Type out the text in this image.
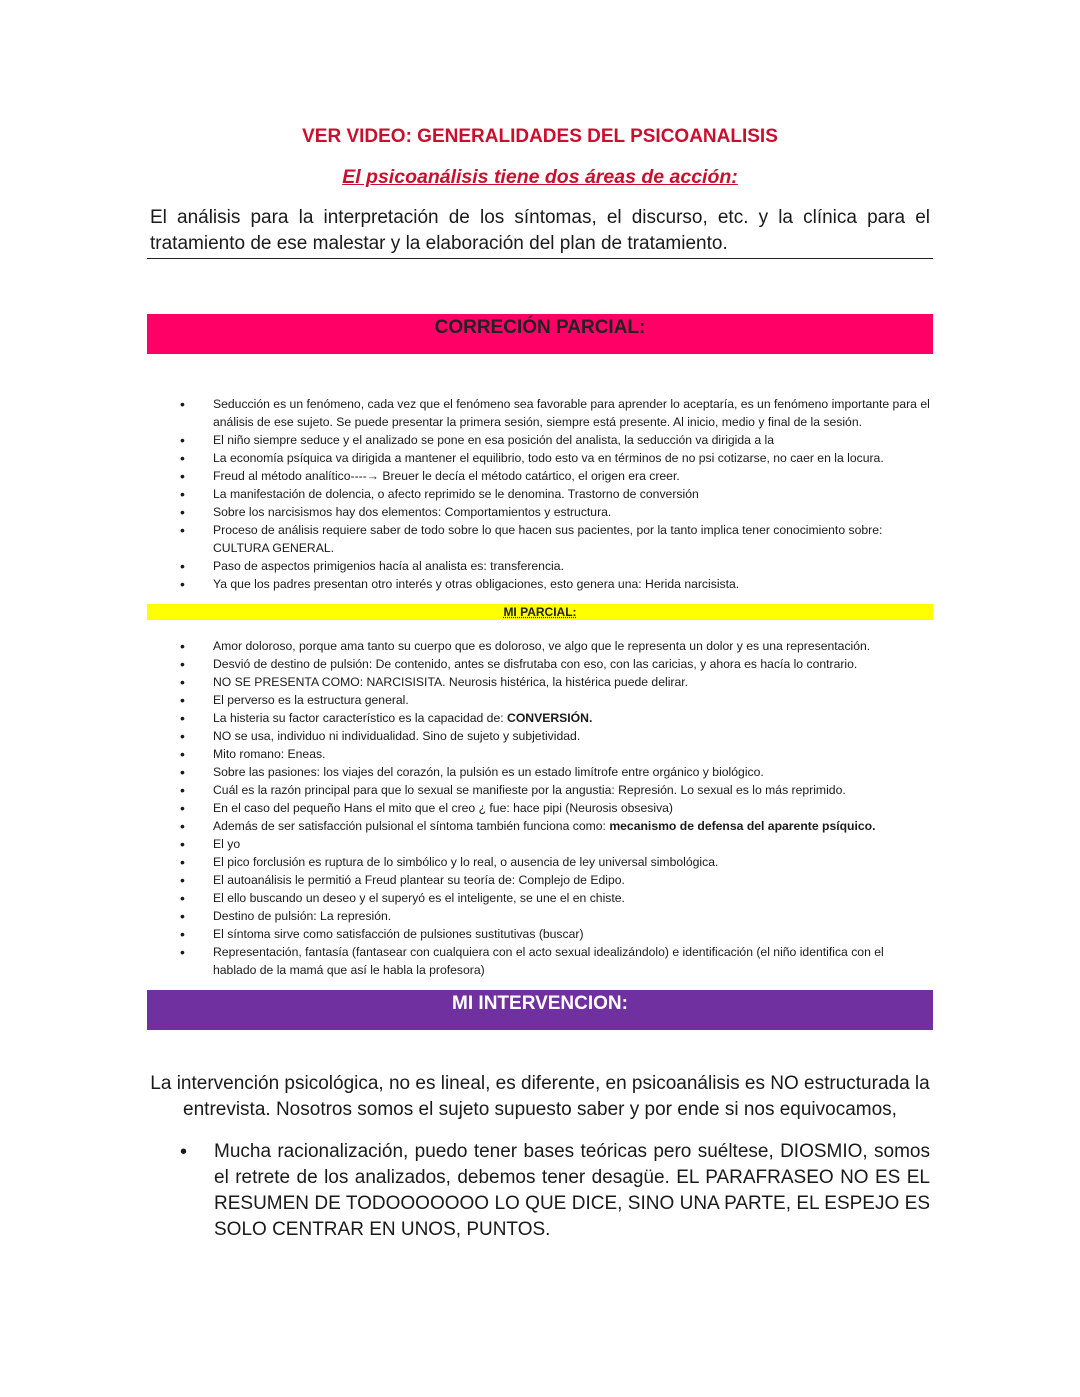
VER VIDEO: GENERALIDADES DEL PSICOANALISIS
El psicoanálisis tiene dos áreas de acción:
El análisis para la interpretación de los síntomas, el discurso, etc. y la clínica para el tratamiento de ese malestar y la elaboración del plan de tratamiento.
CORRECIÓN PARCIAL:
• Seducción es un fenómeno, cada vez que el fenómeno sea favorable para aprender lo aceptaría, es un fenómeno importante para el análisis de ese sujeto. Se puede presentar la primera sesión, siempre está presente. Al inicio, medio y final de la sesión.
• El niño siempre seduce y el analizado se pone en esa posición del analista, la seducción va dirigida a la
• La economía psíquica va dirigida a mantener el equilibrio, todo esto va en términos de no psi cotizarse, no caer en la locura.
• Freud al método analítico----→ Breuer le decía el método catártico, el origen era creer.
• La manifestación de dolencia, o afecto reprimido se le denomina. Trastorno de conversión
• Sobre los narcisismos hay dos elementos: Comportamientos y estructura.
• Proceso de análisis requiere saber de todo sobre lo que hacen sus pacientes, por la tanto implica tener conocimiento sobre: CULTURA GENERAL.
• Paso de aspectos primigenios hacía al analista es: transferencia.
• Ya que los padres presentan otro interés y otras obligaciones, esto genera una: Herida narcisista.
MI PARCIAL:
• Amor doloroso, porque ama tanto su cuerpo que es doloroso, ve algo que le representa un dolor y es una representación.
• Desvió de destino de pulsión: De contenido, antes se disfrutaba con eso, con las caricias, y ahora es hacía lo contrario.
• NO SE PRESENTA COMO: NARCISISITA. Neurosis histérica, la histérica puede delirar.
• El perverso es la estructura general.
• La histeria su factor característico es la capacidad de: CONVERSIÓN.
• NO se usa, individuo ni individualidad. Sino de sujeto y subjetividad.
• Mito romano: Eneas.
• Sobre las pasiones: los viajes del corazón, la pulsión es un estado limítrofe entre orgánico y biológico.
• Cuál es la razón principal para que lo sexual se manifieste por la angustia: Represión. Lo sexual es lo más reprimido.
• En el caso del pequeño Hans el mito que el creo ¿ fue: hace pipi (Neurosis obsesiva)
• Además de ser satisfacción pulsional el síntoma también funciona como: mecanismo de defensa del aparente psíquico.
• El yo
• El pico forclusión es ruptura de lo simbólico y lo real, o ausencia de ley universal simbológica.
• El autoanálisis le permitió a Freud plantear su teoría de: Complejo de Edipo.
• El ello buscando un deseo y el superyó es el inteligente, se une el en chiste.
• Destino de pulsión: La represión.
• El síntoma sirve como satisfacción de pulsiones sustitutivas (buscar)
• Representación, fantasía (fantasear con cualquiera con el acto sexual idealizándolo) e identificación (el niño identifica con el hablado de la mamá que así le habla la profesora)
MI INTERVENCION:
La intervención psicológica, no es lineal, es diferente, en psicoanálisis es NO estructurada la entrevista. Nosotros somos el sujeto supuesto saber y por ende si nos equivocamos,
• Mucha racionalización, puedo tener bases teóricas pero suéltese, DIOSMIO, somos el retrete de los analizados, debemos tener desagüe. EL PARAFRASEO NO ES EL RESUMEN DE TODOOOOOOO LO QUE DICE, SINO UNA PARTE, EL ESPEJO ES SOLO CENTRAR EN UNOS, PUNTOS.
